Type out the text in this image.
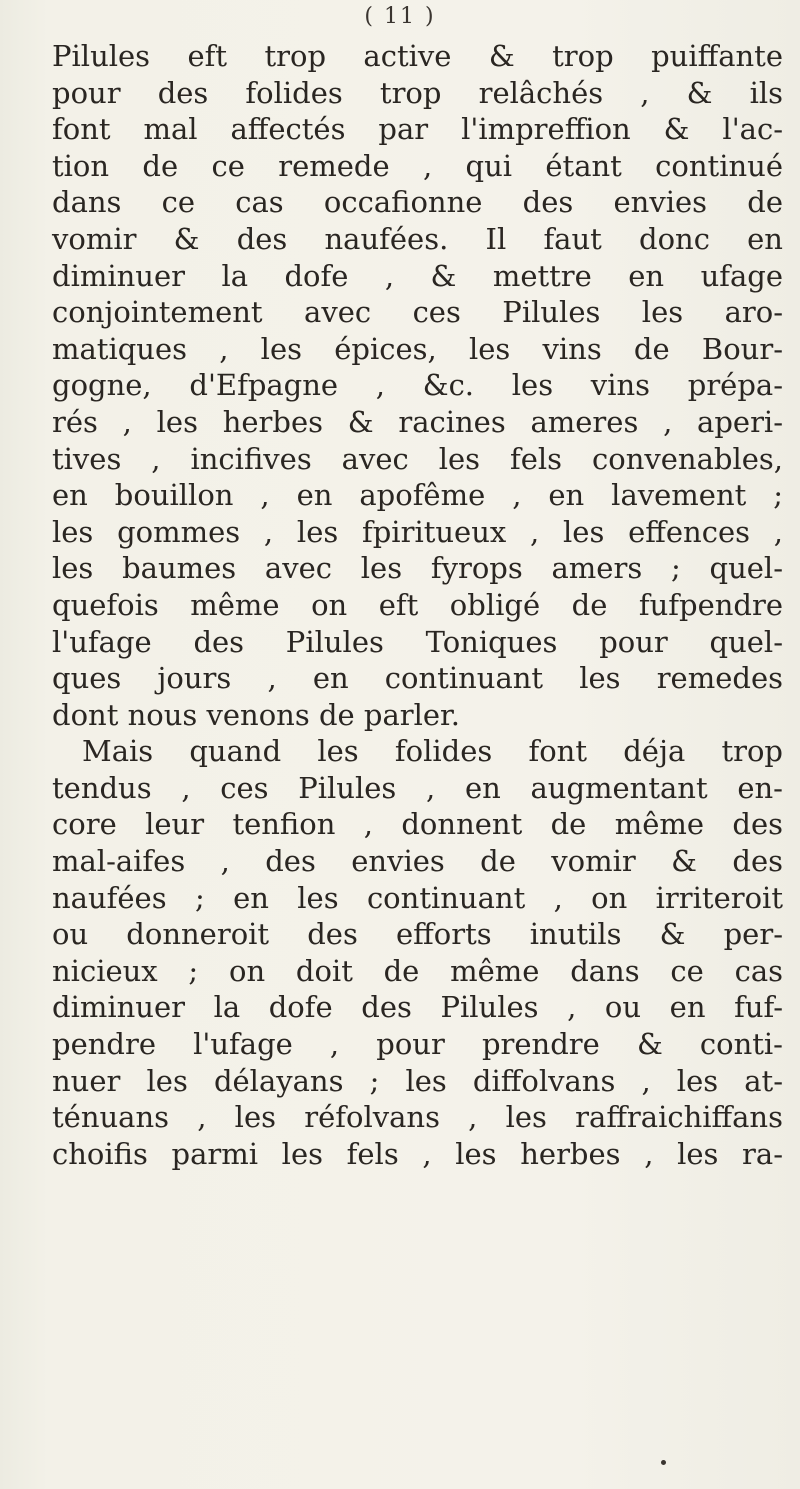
( 11 )
Pilules eft trop active & trop puiffante
pour des folides trop relâchés , & ils
font mal affectés par l'impreffion & l'ac-
tion de ce remede , qui étant continué
dans ce cas occafionne des envies de
vomir & des naufées. Il faut donc en
diminuer la dofe , & mettre en ufage
conjointement avec ces Pilules les aro-
matiques , les épices, les vins de Bour-
gogne, d'Efpagne , &c. les vins prépa-
rés , les herbes & racines ameres , aperi-
tives , incifives avec les fels convenables,
en bouillon , en apofême , en lavement ;
les gommes , les fpiritueux , les effences ,
les baumes avec les fyrops amers ; quel-
quefois même on eft obligé de fufpendre
l'ufage des Pilules Toniques pour quel-
ques jours , en continuant les remedes
dont nous venons de parler.
Mais quand les folides font déja trop
tendus , ces Pilules , en augmentant en-
core leur tenfion , donnent de même des
mal-aifes , des envies de vomir & des
naufées ; en les continuant , on irriteroit
ou donneroit des efforts inutils & per-
nicieux ; on doit de même dans ce cas
diminuer la dofe des Pilules , ou en fuf-
pendre l'ufage , pour prendre & conti-
nuer les délayans ; les diffolvans , les at-
ténuans , les réfolvans , les raffraichiffans
choifis parmi les fels , les herbes , les ra-
